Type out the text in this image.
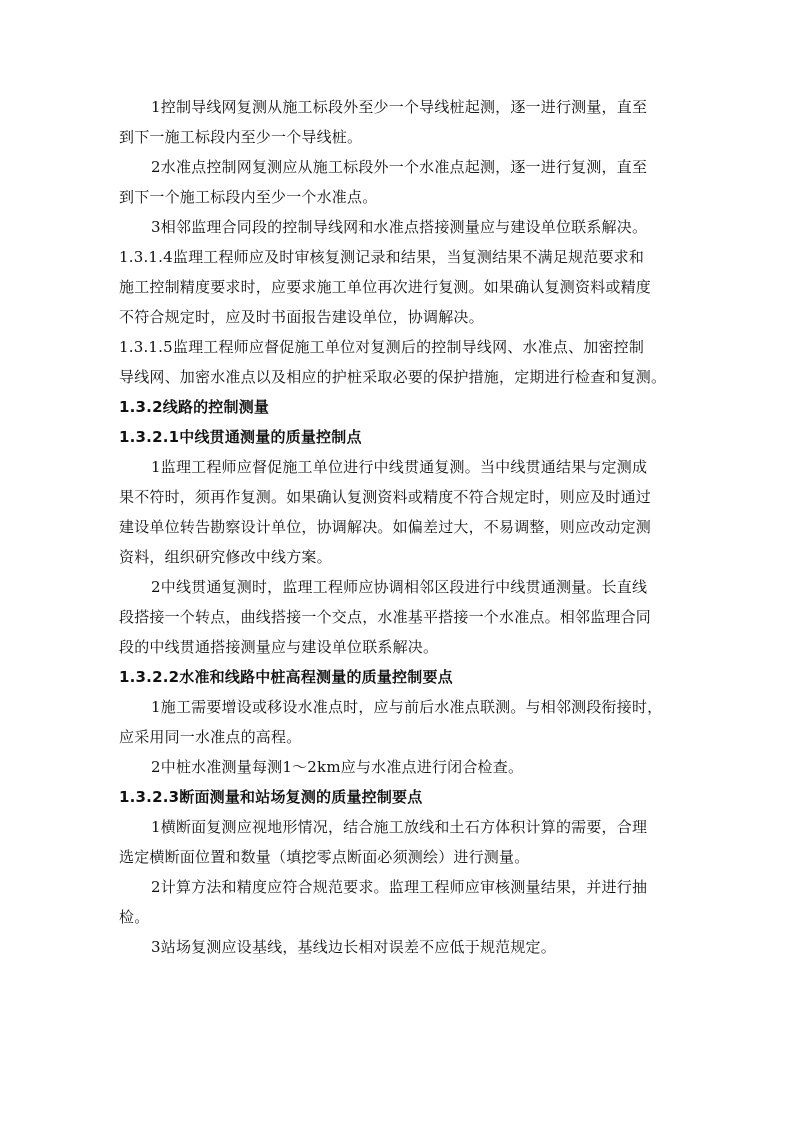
1控制导线网复测从施工标段外至少一个导线桩起测，逐一进行测量，直至
到下一施工标段内至少一个导线桩。
2水准点控制网复测应从施工标段外一个水准点起测，逐一进行复测，直至
到下一个施工标段内至少一个水准点。
3相邻监理合同段的控制导线网和水准点搭接测量应与建设单位联系解决。
1.3.1.4监理工程师应及时审核复测记录和结果，当复测结果不满足规范要求和
施工控制精度要求时，应要求施工单位再次进行复测。如果确认复测资料或精度
不符合规定时，应及时书面报告建设单位，协调解决。
1.3.1.5监理工程师应督促施工单位对复测后的控制导线网、水准点、加密控制
导线网、加密水准点以及相应的护桩采取必要的保护措施，定期进行检查和复测。
1.3.2线路的控制测量
1.3.2.1中线贯通测量的质量控制点
1监理工程师应督促施工单位进行中线贯通复测。当中线贯通结果与定测成
果不符时，须再作复测。如果确认复测资料或精度不符合规定时，则应及时通过
建设单位转告勘察设计单位，协调解决。如偏差过大，不易调整，则应改动定测
资料，组织研究修改中线方案。
2中线贯通复测时，监理工程师应协调相邻区段进行中线贯通测量。长直线
段搭接一个转点，曲线搭接一个交点，水准基平搭接一个水准点。相邻监理合同
段的中线贯通搭接测量应与建设单位联系解决。
1.3.2.2水准和线路中桩高程测量的质量控制要点
1施工需要增设或移设水准点时，应与前后水准点联测。与相邻测段衔接时，
应采用同一水准点的高程。
2中桩水准测量每测1～2km应与水准点进行闭合检查。
1.3.2.3断面测量和站场复测的质量控制要点
1横断面复测应视地形情况，结合施工放线和土石方体积计算的需要，合理
选定横断面位置和数量（填挖零点断面必须测绘）进行测量。
2计算方法和精度应符合规范要求。监理工程师应审核测量结果，并进行抽
检。
3站场复测应设基线，基线边长相对误差不应低于规范规定。
